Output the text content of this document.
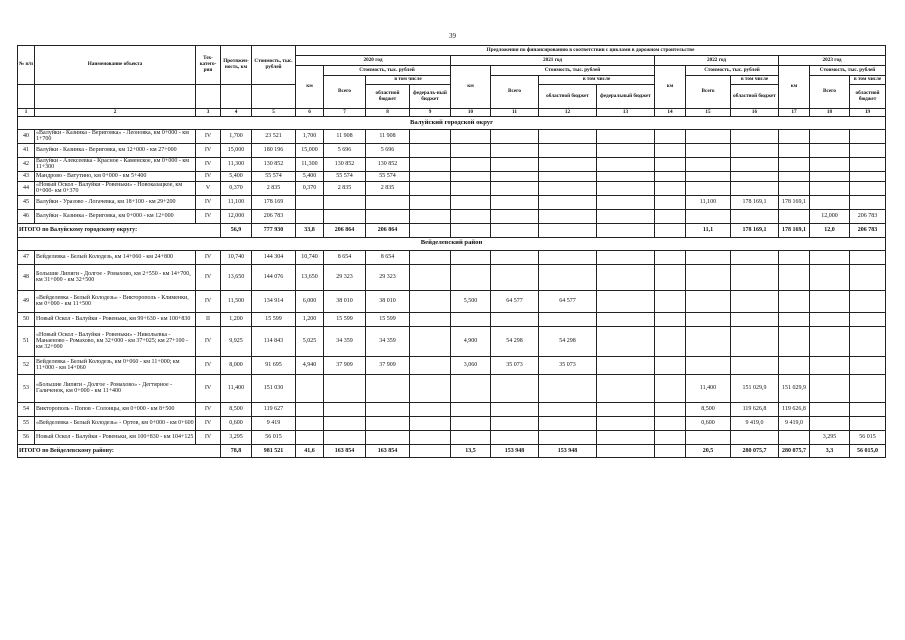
39
№ п/п	Наименование объекта	Тех-катего-рия	Протяжен-ность, км	Стоимость, тыс. рублей	Предложения по финансированию в соответствии с циклами в дорожном строительстве														
					2020 год				2021 год				2022 год			2023 год			
					км	Стоимость, тыс. рублей			км	Стоимость, тыс. рублей			км	Стоимость, тыс. рублей		км	Стоимость, тыс. рублей		
						Всего	в том числе			Всего	в том числе			Всего	в том числе		Всего	в том числе	
							областной бюджет	федераль-ный бюджет			областной бюджет	федеральный бюджет			областной бюджет			областной бюджет	
1	2	3	4	5	6	7	8	9	10	11	12	13	14	15	16	17	18	19	
Валуйский городской округ																			
40	«Валуйки - Казинка - Вериговка» - Леоновка, км 0+000 - км 1+700	IV	1,700	23 521	1,700	11 908	11 908												
41	Валуйки - Казинка - Вериговка, км 12+000 - км 27+000	IV	15,000	180 196	15,000	5 696	5 696												
42	Валуйки - Алексеевка - Красное - Каменское, км 0+000 - км 11+300	IV	11,300	130 852	11,300	130 852	130 852												
43	Мандрово - Ватутино, км 0+000 - км 5+400	IV	5,400	55 574	5,400	55 574	55 574												
44	«Новый Оскол - Валуйки - Ровеньки» - Новоказацкое, км 0+000- км 0+370	V	0,370	2 835	0,370	2 835	2 835												
45	Валуйки - Уразово - Логачевка, км 18+100 - км 29+200	IV	11,100	178 169										11,100	178 169,1	178 169,1			
46	Валуйки - Казинка - Вериговка, км 0+000 - км 12+000	IV	12,000	206 783													12,000	206 783	
ИТОГО по Валуйскому городскому округу:			56,9	777 930	33,8	206 864	206 864							11,1	178 169,1	178 169,1	12,0	206 783	
Вейделевский район																			
47	Вейделевка - Белый Колодезь, км 14+060 - км 24+800	IV	10,740	144 304	10,740	8 654	8 654												
48	Большие Липяги - Долгое - Ромахово, км 2+550 - км 14+700, км 31+000 - км 32+500	IV	13,650	144 076	13,650	29 323	29 323												
49	«Вейделевка - Белый Колодезь» - Викторополь - Клименки, км 0+000 - км 11+500	IV	11,500	134 914	6,000	38 010	38 010		5,500	64 577	64 577								
50	Новый Оскол - Валуйки - Ровеньки, км 99+630 - км 100+830	II	1,200	15 599	1,200	15 599	15 599												
51	«Новый Оскол - Валуйки - Ровеньки» - Никольевка - Манаеново - Ромахово, км 32+000 - км 37+025; км 27+100 - км 32+000	IV	9,925	114 843	5,025	34 359	34 359		4,900	54 298	54 298								
52	Вейделевка - Белый Колодезь, км 0+060 - км 11+000; км 11+000 - км 14+060	IV	8,000	91 695	4,940	37 909	37 909		3,060	35 073	35 073								
53	«Большие Липяги - Долгое - Ромахово» - Дегтярное - Галиченок, км 0+000 - км 11+400	IV	11,400	151 030										11,400	151 029,9	151 029,9			
54	Викторополь - Попов - Солонцы, км 0+000 - км 8+500	IV	8,500	119 627										8,500	119 626,8	119 626,8			
55	«Вейделевка - Белый Колодезь» - Ортов, км 0+000 - км 0+600	IV	0,600	9 419										0,600	9 419,0	9 419,0			
56	Новый Оскол - Валуйки - Ровеньки, км 100+830 - км 104+125	IV	3,295	56 015													3,295	56 015	
ИТОГО по Вейделевскому району:			78,8	981 521	41,6	163 854	163 854		13,5	153 948	153 948			20,5	280 075,7	280 075,7	3,3	56 015,0	
